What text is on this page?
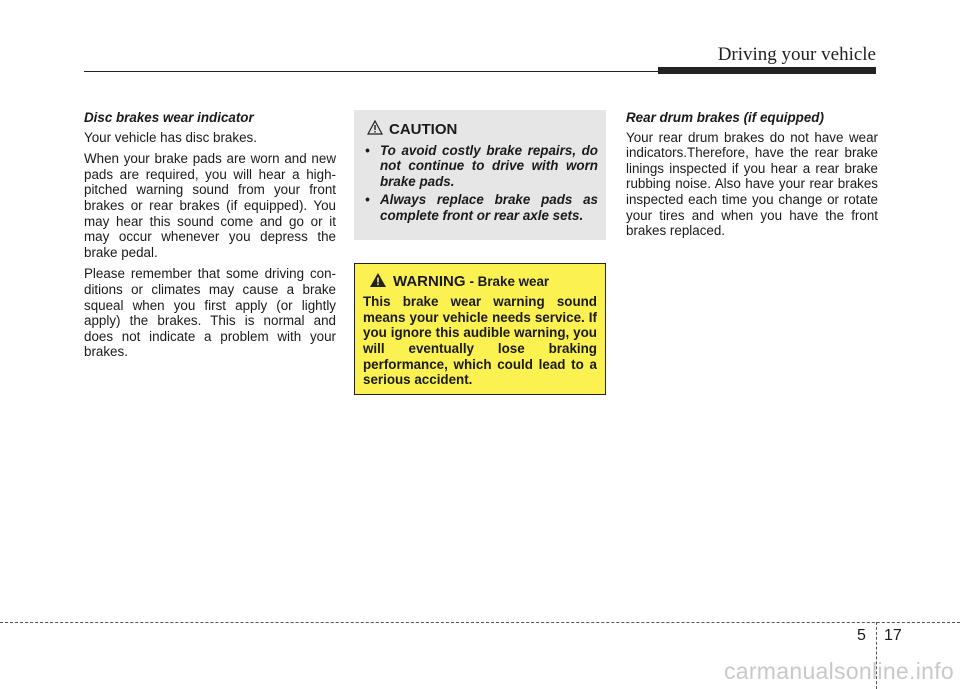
Driving your vehicle
Disc brakes wear indicator

Your vehicle has disc brakes.

When your brake pads are worn and new pads are required, you will hear a high-pitched warning sound from your front brakes or rear brakes (if equipped). You may hear this sound come and go or it may occur whenever you depress the brake pedal.

Please remember that some driving con-ditions or climates may cause a brake squeal when you first apply (or lightly apply) the brakes. This is normal and does not indicate a problem with your brakes.

CAUTION
• To avoid costly brake repairs, do not continue to drive with worn brake pads.
• Always replace brake pads as complete front or rear axle sets.
WARNING - Brake wear

This brake wear warning sound means your vehicle needs service. If you ignore this audible warning, you will eventually lose braking performance, which could lead to a serious accident.

Rear drum brakes (if equipped)

Your rear drum brakes do not have wear indicators.Therefore, have the rear brake linings inspected if you hear a rear brake rubbing noise. Also have your rear brakes inspected each time you change or rotate your tires and when you have the front brakes replaced.

5 17
carmanualsonline.info
